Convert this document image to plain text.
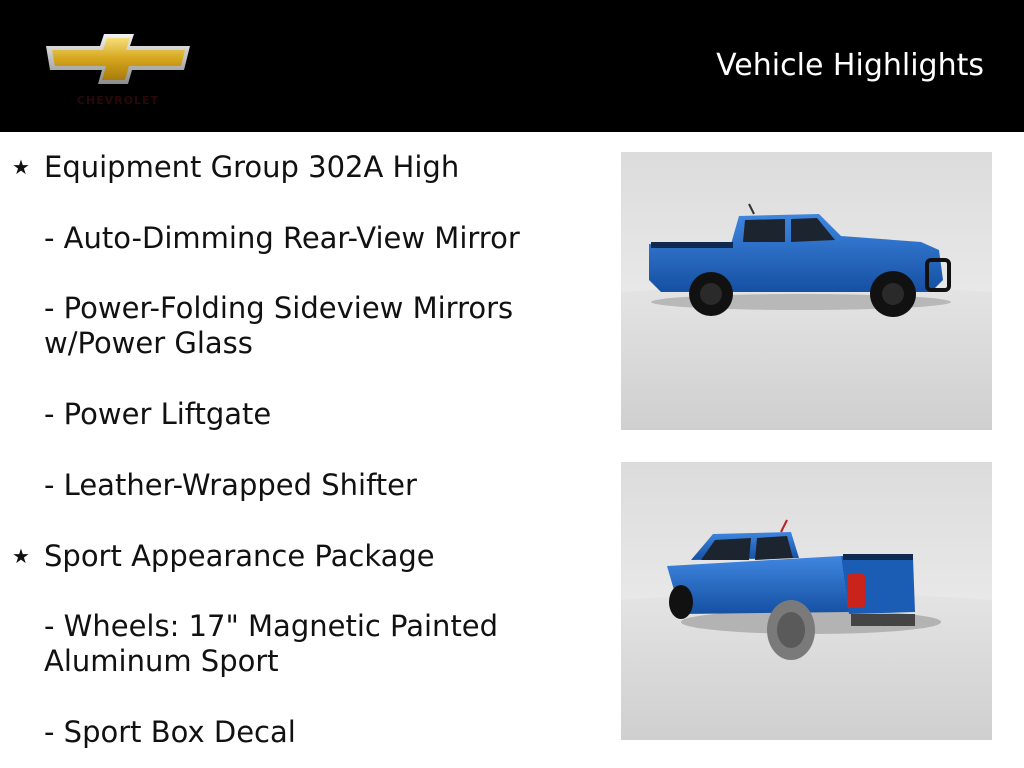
CHEVROLET
Vehicle Highlights
★ Equipment Group 302A High
- Auto-Dimming Rear-View Mirror
- Power-Folding Sideview Mirrors
w/Power Glass
- Power Liftgate
- Leather-Wrapped Shifter
★ Sport Appearance Package
- Wheels: 17" Magnetic Painted
Aluminum Sport
- Sport Box Decal
